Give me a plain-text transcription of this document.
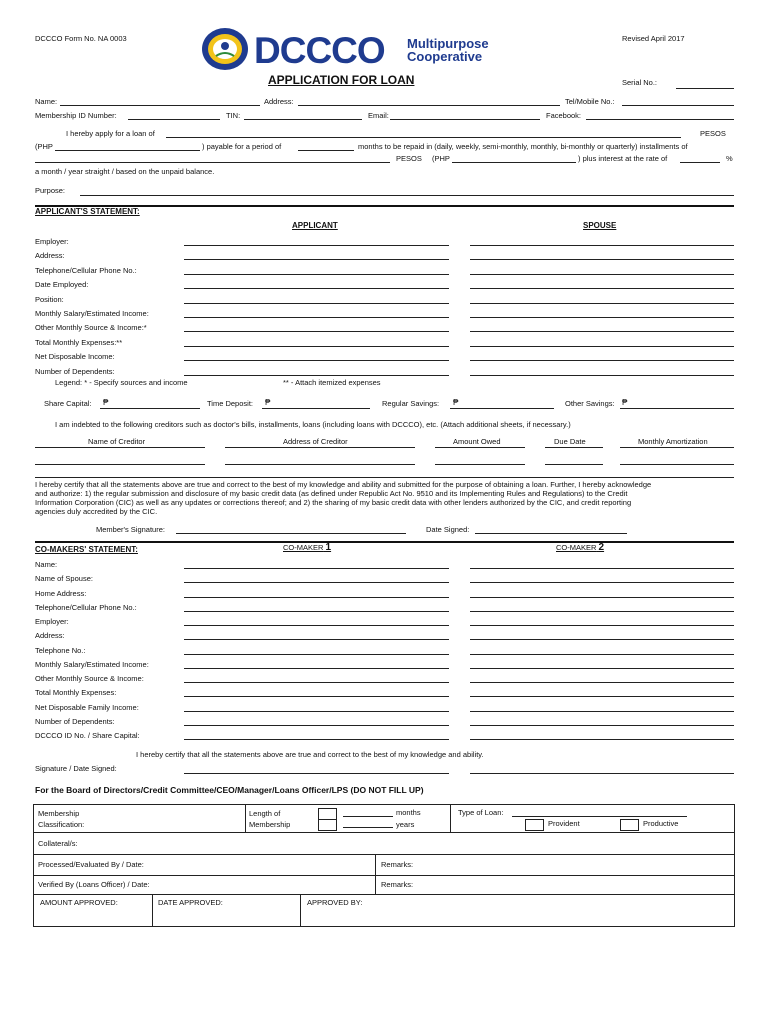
DCCCO Form No. NA 0003	Revised April 2017
DCCCO Multipurpose
Cooperative
APPLICATION FOR LOAN	Serial No.:
Name:	Address:	Tel/Mobile No.:
Membership ID Number:	TIN:	Email:	Facebook:
I hereby apply for a loan of	PESOS
(PHP	) payable for a period of	months to be repaid in (daily, weekly, semi-monthly, monthly, bi-monthly or quarterly) installments of
PESOS (PHP	) plus interest at the rate of	%
a month / year straight / based on the unpaid balance.
Purpose:
APPLICANT'S STATEMENT:
APPLICANT	SPOUSE
Employer:
Address:
Telephone/Cellular Phone No.:
Date Employed:
Position:
Monthly Salary/Estimated Income:
Other Monthly Source & Income:*
Total Monthly Expenses:**
Net Disposable Income:
Number of Dependents:
Legend: * - Specify sources and income	** - Attach itemized expenses
Share Capital: ₱	Time Deposit: ₱	Regular Savings: ₱	Other Savings: ₱
I am indebted to the following creditors such as doctor's bills, installments, loans (including loans with DCCCO), etc. (Attach additional sheets, if necessary.)
Name of Creditor	Address of Creditor	Amount Owed	Due Date	Monthly Amortization
I hereby certify that all the statements above are true and correct to the best of my knowledge and ability and submitted for the purpose of obtaining a loan. Further, I hereby acknowledge
and authorize: 1) the regular submission and disclosure of my basic credit data (as defined under Republic Act No. 9510 and its Implementing Rules and Regulations) to the Credit
Information Corporation (CIC) as well as any updates or corrections thereof; and 2) the sharing of my basic credit data with other lenders authorized by the CIC, and credit reporting
agencies duly accredited by the CIC.
Member's Signature:	Date Signed:
CO-MAKERS' STATEMENT:	CO-MAKER 1	CO-MAKER 2
Name:
Name of Spouse:
Home Address:
Telephone/Cellular Phone No.:
Employer:
Address:
Telephone No.:
Monthly Salary/Estimated Income:
Other Monthly Source & Income:
Total Monthly Expenses:
Net Disposable Family Income:
Number of Dependents:
DCCCO ID No. / Share Capital:
I hereby certify that all the statements above are true and correct to the best of my knowledge and ability.
Signature / Date Signed:
For the Board of Directors/Credit Committee/CEO/Manager/Loans Officer/LPS (DO NOT FILL UP)
Membership
Classification:
Length of
Membership
months
years
Type of Loan:
Provident	Productive
Collateral/s:
Processed/Evaluated By / Date:	Remarks:
Verified By (Loans Officer) / Date:	Remarks:
AMOUNT APPROVED:	DATE APPROVED:	APPROVED BY:
